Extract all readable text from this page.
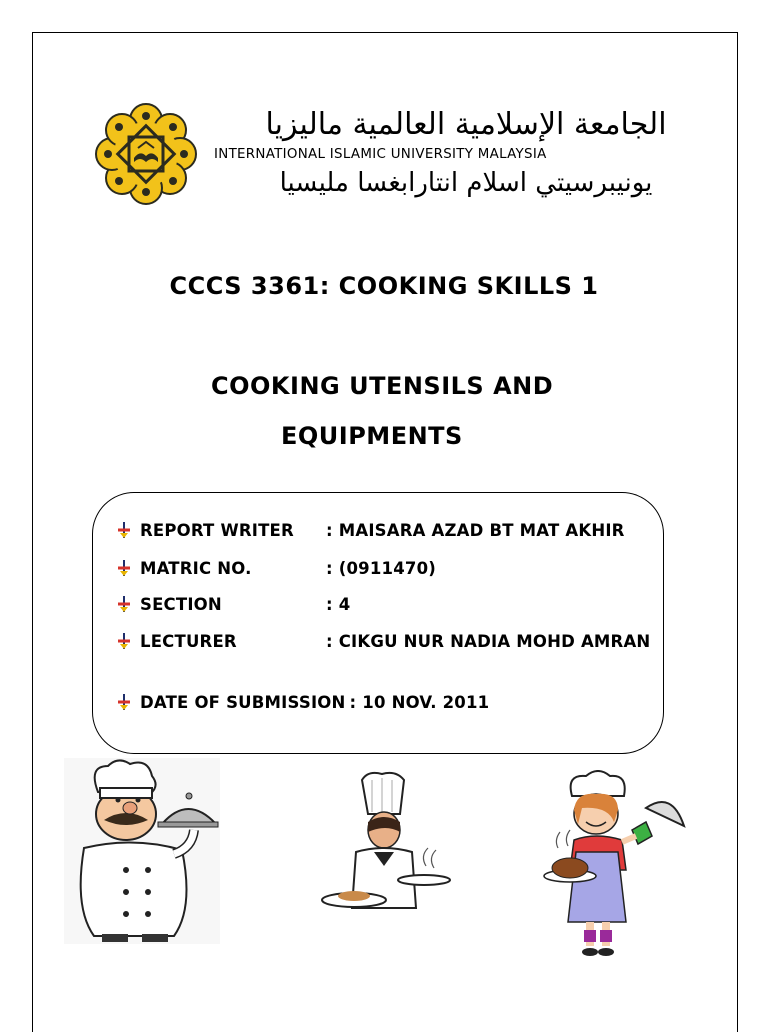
الجامعة الإسلامية العالمية ماليزيا
INTERNATIONAL ISLAMIC UNIVERSITY MALAYSIA
يونيبرسيتي اسلام انتارابغسا مليسيا
CCCS 3361: COOKING SKILLS 1
COOKING UTENSILS AND
EQUIPMENTS
REPORT WRITER : MAISARA AZAD BT MAT AKHIR
MATRIC NO.	: (0911470)
SECTION	: 4
LECTURER	: CIKGU NUR NADIA MOHD AMRAN
DATE OF SUBMISSION : 10 NOV. 2011
